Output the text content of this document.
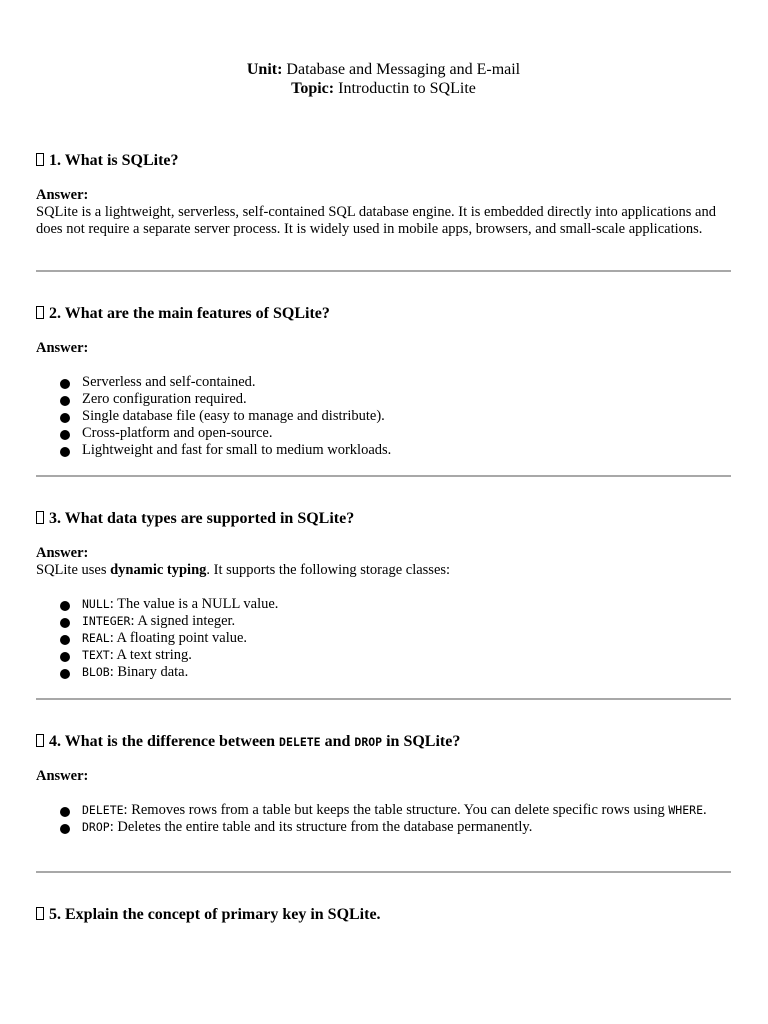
Unit: Database and Messaging and E-mail
Topic: Introductin to SQLite
1. What is SQLite?
Answer:
SQLite is a lightweight, serverless, self-contained SQL database engine. It is embedded directly into applications and does not require a separate server process. It is widely used in mobile apps, browsers, and small-scale applications.
2. What are the main features of SQLite?
Answer:
Serverless and self-contained.
Zero configuration required.
Single database file (easy to manage and distribute).
Cross-platform and open-source.
Lightweight and fast for small to medium workloads.
3. What data types are supported in SQLite?
Answer:
SQLite uses dynamic typing. It supports the following storage classes:
NULL: The value is a NULL value.
INTEGER: A signed integer.
REAL: A floating point value.
TEXT: A text string.
BLOB: Binary data.
4. What is the difference between DELETE and DROP in SQLite?
Answer:
DELETE: Removes rows from a table but keeps the table structure. You can delete specific rows using WHERE.
DROP: Deletes the entire table and its structure from the database permanently.
5. Explain the concept of primary key in SQLite.
